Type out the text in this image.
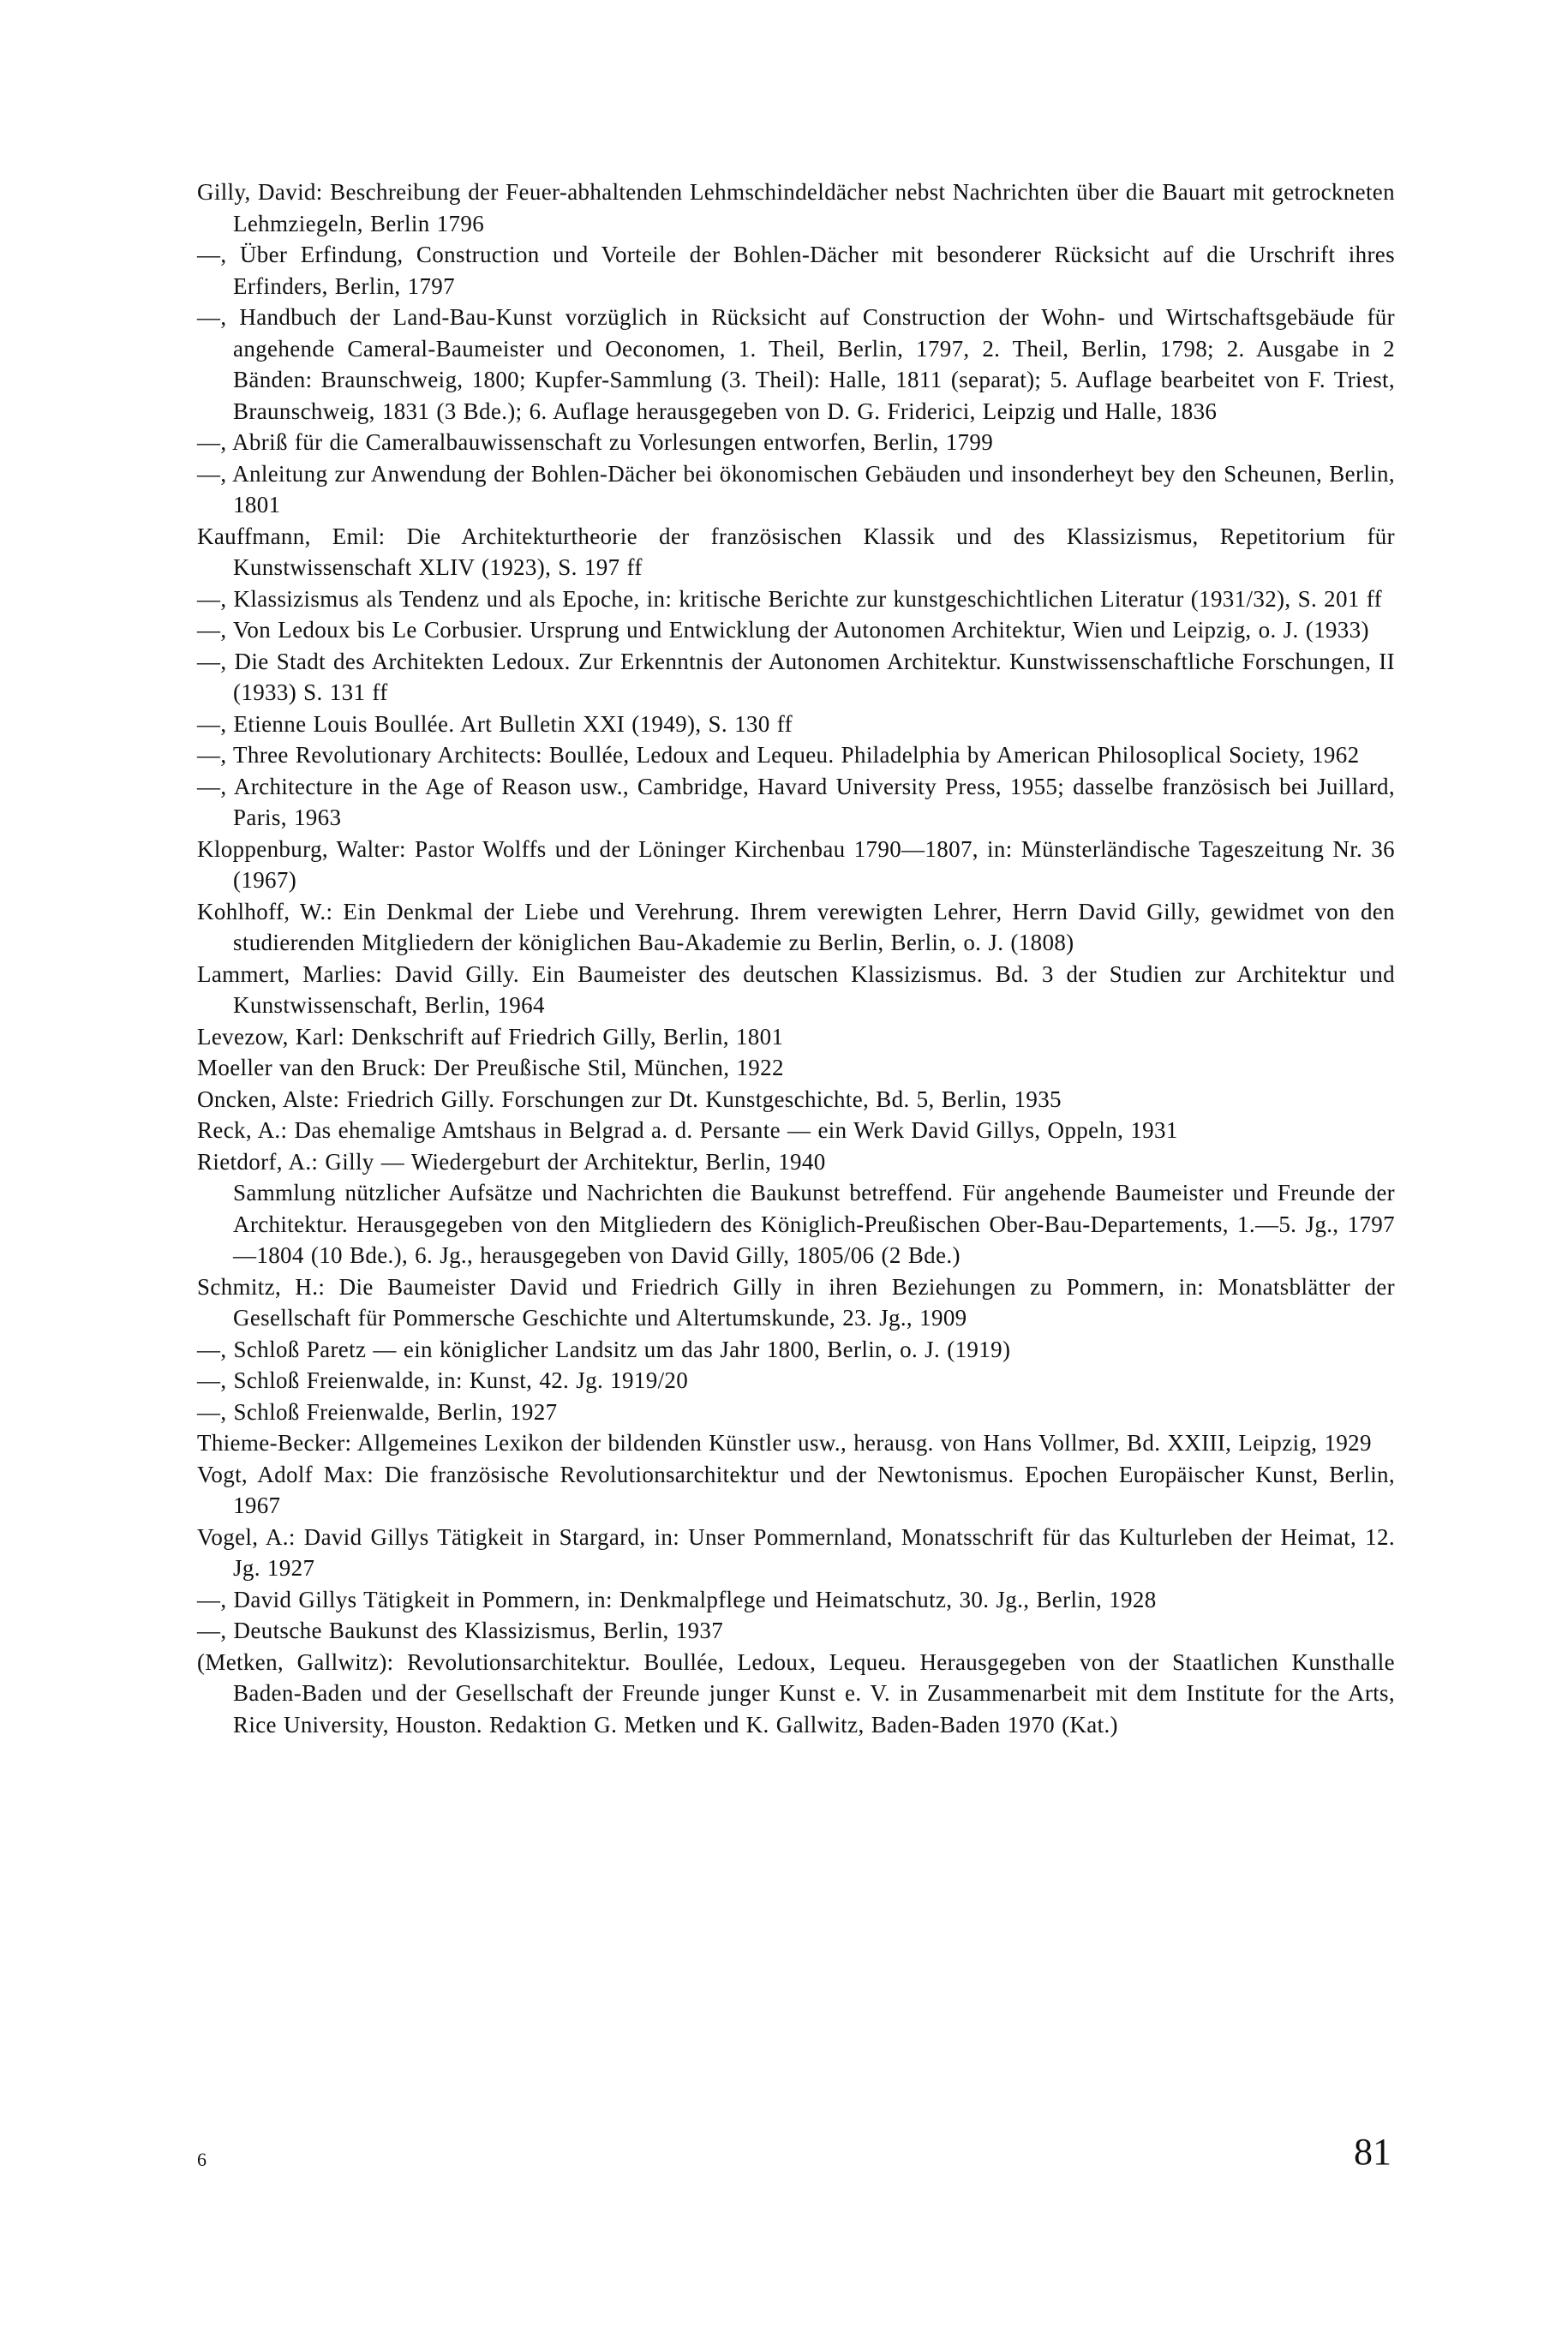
Gilly, David: Beschreibung der Feuer-abhaltenden Lehmschindeldächer nebst Nachrichten über die Bauart mit getrockneten Lehmziegeln, Berlin 1796

—, Über Erfindung, Construction und Vorteile der Bohlen-Dächer mit besonderer Rücksicht auf die Urschrift ihres Erfinders, Berlin, 1797

—, Handbuch der Land-Bau-Kunst vorzüglich in Rücksicht auf Construction der Wohn- und Wirtschaftsgebäude für angehende Cameral-Baumeister und Oeconomen, 1. Theil, Berlin, 1797, 2. Theil, Berlin, 1798; 2. Ausgabe in 2 Bänden: Braunschweig, 1800; Kupfer-Sammlung (3. Theil): Halle, 1811 (separat); 5. Auflage bearbeitet von F. Triest, Braunschweig, 1831 (3 Bde.); 6. Auflage herausgegeben von D. G. Friderici, Leipzig und Halle, 1836

—, Abriß für die Cameralbauwissenschaft zu Vorlesungen entworfen, Berlin, 1799

—, Anleitung zur Anwendung der Bohlen-Dächer bei ökonomischen Gebäuden und insonderheyt bey den Scheunen, Berlin, 1801

Kauffmann, Emil: Die Architekturtheorie der französischen Klassik und des Klassizismus, Repetitorium für Kunstwissenschaft XLIV (1923), S. 197 ff

—, Klassizismus als Tendenz und als Epoche, in: kritische Berichte zur kunstgeschichtlichen Literatur (1931/32), S. 201 ff

—, Von Ledoux bis Le Corbusier. Ursprung und Entwicklung der Autonomen Architektur, Wien und Leipzig, o. J. (1933)

—, Die Stadt des Architekten Ledoux. Zur Erkenntnis der Autonomen Architektur. Kunstwissenschaftliche Forschungen, II (1933) S. 131 ff

—, Etienne Louis Boullée. Art Bulletin XXI (1949), S. 130 ff

—, Three Revolutionary Architects: Boullée, Ledoux and Lequeu. Philadelphia by American Philosoplical Society, 1962

—, Architecture in the Age of Reason usw., Cambridge, Havard University Press, 1955; dasselbe französisch bei Juillard, Paris, 1963

Kloppenburg, Walter: Pastor Wolffs und der Löninger Kirchenbau 1790—1807, in: Münsterländische Tageszeitung Nr. 36 (1967)

Kohlhoff, W.: Ein Denkmal der Liebe und Verehrung. Ihrem verewigten Lehrer, Herrn David Gilly, gewidmet von den studierenden Mitgliedern der königlichen Bau-Akademie zu Berlin, Berlin, o. J. (1808)

Lammert, Marlies: David Gilly. Ein Baumeister des deutschen Klassizismus. Bd. 3 der Studien zur Architektur und Kunstwissenschaft, Berlin, 1964

Levezow, Karl: Denkschrift auf Friedrich Gilly, Berlin, 1801

Moeller van den Bruck: Der Preußische Stil, München, 1922

Oncken, Alste: Friedrich Gilly. Forschungen zur Dt. Kunstgeschichte, Bd. 5, Berlin, 1935

Reck, A.: Das ehemalige Amtshaus in Belgrad a. d. Persante — ein Werk David Gillys, Oppeln, 1931

Rietdorf, A.: Gilly — Wiedergeburt der Architektur, Berlin, 1940

Sammlung nützlicher Aufsätze und Nachrichten die Baukunst betreffend. Für angehende Baumeister und Freunde der Architektur. Herausgegeben von den Mitgliedern des Königlich-Preußischen Ober-Bau-Departements, 1.—5. Jg., 1797—1804 (10 Bde.), 6. Jg., herausgegeben von David Gilly, 1805/06 (2 Bde.)

Schmitz, H.: Die Baumeister David und Friedrich Gilly in ihren Beziehungen zu Pommern, in: Monatsblätter der Gesellschaft für Pommersche Geschichte und Altertumskunde, 23. Jg., 1909

—, Schloß Paretz — ein königlicher Landsitz um das Jahr 1800, Berlin, o. J. (1919)

—, Schloß Freienwalde, in: Kunst, 42. Jg. 1919/20

—, Schloß Freienwalde, Berlin, 1927

Thieme-Becker: Allgemeines Lexikon der bildenden Künstler usw., herausg. von Hans Vollmer, Bd. XXIII, Leipzig, 1929

Vogt, Adolf Max: Die französische Revolutionsarchitektur und der Newtonismus. Epochen Europäischer Kunst, Berlin, 1967

Vogel, A.: David Gillys Tätigkeit in Stargard, in: Unser Pommernland, Monatsschrift für das Kulturleben der Heimat, 12. Jg. 1927

—, David Gillys Tätigkeit in Pommern, in: Denkmalpflege und Heimatschutz, 30. Jg., Berlin, 1928

—, Deutsche Baukunst des Klassizismus, Berlin, 1937

(Metken, Gallwitz): Revolutionsarchitektur. Boullée, Ledoux, Lequeu. Herausgegeben von der Staatlichen Kunsthalle Baden-Baden und der Gesellschaft der Freunde junger Kunst e. V. in Zusammenarbeit mit dem Institute for the Arts, Rice University, Houston. Redaktion G. Metken und K. Gallwitz, Baden-Baden 1970 (Kat.)

6	81
